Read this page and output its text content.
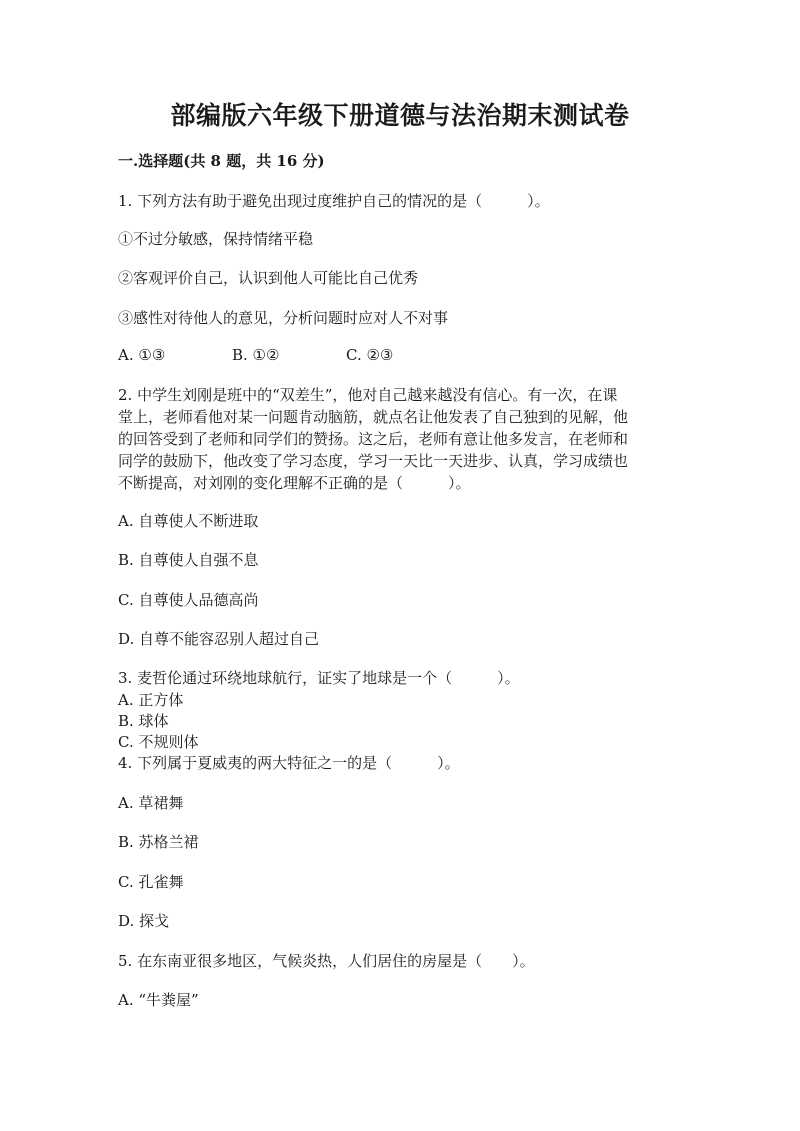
部编版六年级下册道德与法治期末测试卷
一.选择题(共 8 题，共 16 分)
1. 下列方法有助于避免出现过度维护自己的情况的是（　　　）。
①不过分敏感，保持情绪平稳
②客观评价自己，认识到他人可能比自己优秀
③感性对待他人的意见，分析问题时应对人不对事
A. ①③	B. ①②	C. ②③
2. 中学生刘刚是班中的“双差生”，他对自己越来越没有信心。有一次，在课
堂上，老师看他对某一问题肯动脑筋，就点名让他发表了自己独到的见解，他
的回答受到了老师和同学们的赞扬。这之后，老师有意让他多发言，在老师和
同学的鼓励下，他改变了学习态度，学习一天比一天进步、认真，学习成绩也
不断提高，对刘刚的变化理解不正确的是（　　　）。
A. 自尊使人不断进取
B. 自尊使人自强不息
C. 自尊使人品德高尚
D. 自尊不能容忍别人超过自己
3. 麦哲伦通过环绕地球航行，证实了地球是一个（　　　）。
A. 正方体
B. 球体
C. 不规则体
4. 下列属于夏威夷的两大特征之一的是（　　　）。
A. 草裙舞
B. 苏格兰裙
C. 孔雀舞
D. 探戈
5. 在东南亚很多地区，气候炎热，人们居住的房屋是（　　）。
A. “牛粪屋”
